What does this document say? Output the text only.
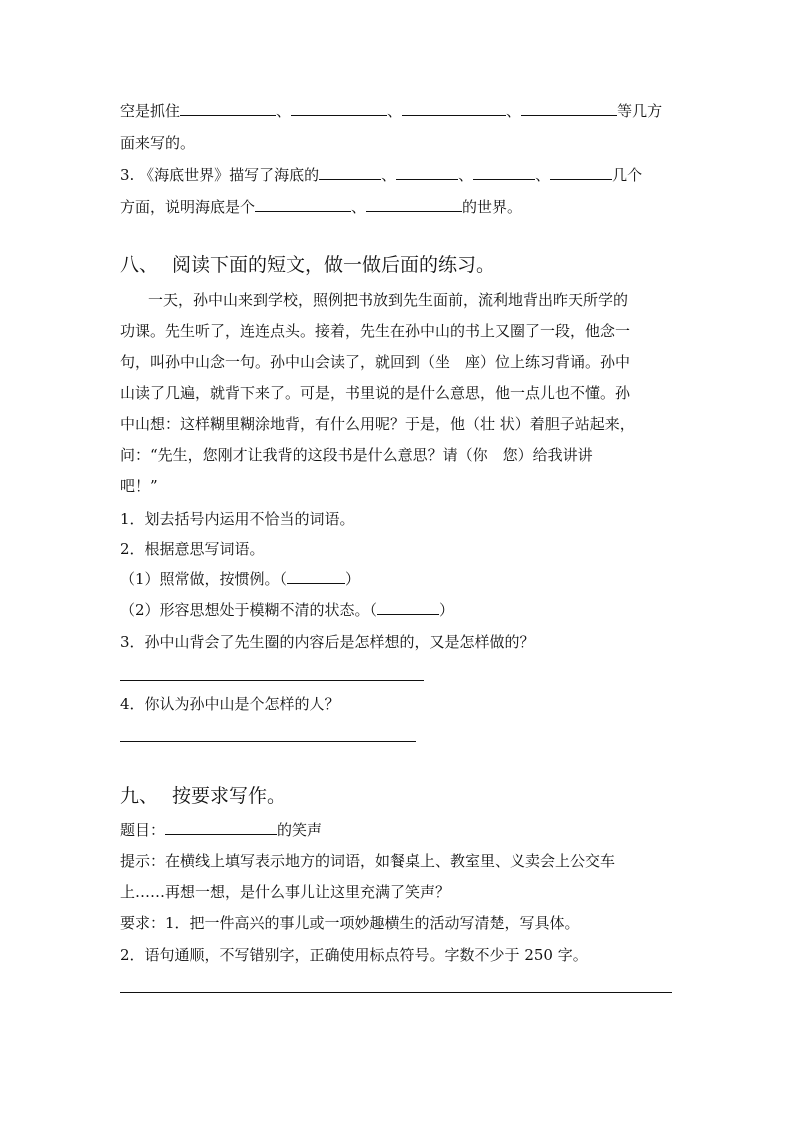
空是抓住	、	、	、	等几方
面来写的。
3. 《海底世界》描写了海底的	、	、	、	几个
方面，说明海底是个	、	的世界。
八、 阅读下面的短文，做一做后面的练习。
一天，孙中山来到学校，照例把书放到先生面前，流利地背出昨天所学的
功课。先生听了，连连点头。接着，先生在孙中山的书上又圈了一段，他念一
句，叫孙中山念一句。孙中山会读了，就回到（坐　座）位上练习背诵。孙中
山读了几遍，就背下来了。可是，书里说的是什么意思，他一点儿也不懂。孙
中山想：这样糊里糊涂地背，有什么用呢？于是，他（壮 状）着胆子站起来，
问：“先生，您刚才让我背的这段书是什么意思？请（你　您）给我讲讲
吧！”
1．划去括号内运用不恰当的词语。
2．根据意思写词语。
（1）照常做，按惯例。（	）
（2）形容思想处于模糊不清的状态。（	）
3．孙中山背会了先生圈的内容后是怎样想的，又是怎样做的？
4．你认为孙中山是个怎样的人？
九、 按要求写作。
题目：	的笑声
提示：在横线上填写表示地方的词语，如餐桌上、教室里、义卖会上公交车
上……再想一想，是什么事儿让这里充满了笑声？
要求：1．把一件高兴的事儿或一项妙趣横生的活动写清楚，写具体。
2．语句通顺，不写错别字，正确使用标点符号。字数不少于 250 字。
